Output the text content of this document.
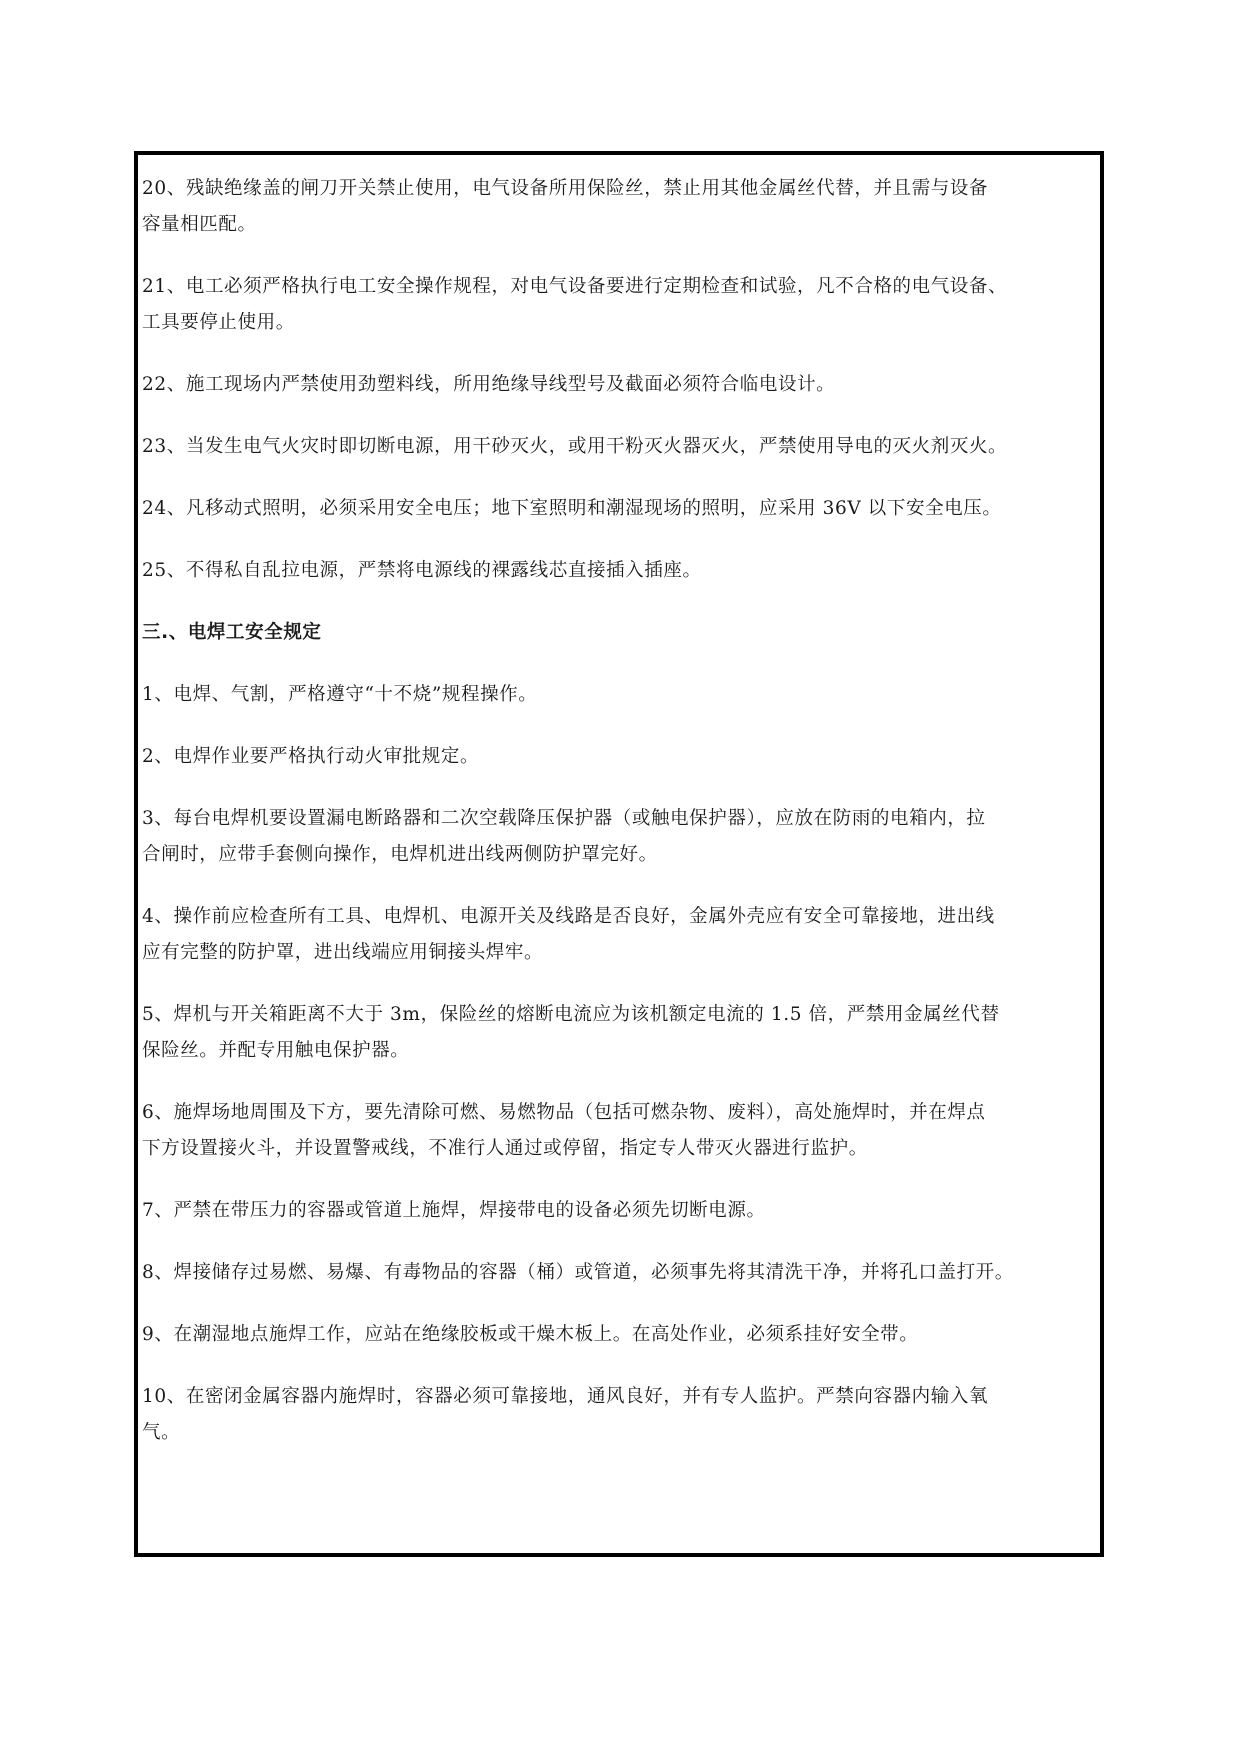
20、残缺绝缘盖的闸刀开关禁止使用，电气设备所用保险丝，禁止用其他金属丝代替，并且需与设备
容量相匹配。
21、电工必须严格执行电工安全操作规程，对电气设备要进行定期检查和试验，凡不合格的电气设备、
工具要停止使用。
22、施工现场内严禁使用劲塑料线，所用绝缘导线型号及截面必须符合临电设计。
23、当发生电气火灾时即切断电源，用干砂灭火，或用干粉灭火器灭火，严禁使用导电的灭火剂灭火。
24、凡移动式照明，必须采用安全电压；地下室照明和潮湿现场的照明，应采用 36V 以下安全电压。
25、不得私自乱拉电源，严禁将电源线的裸露线芯直接插入插座。
三.、电焊工安全规定
1、电焊、气割，严格遵守“十不烧”规程操作。
2、电焊作业要严格执行动火审批规定。
3、每台电焊机要设置漏电断路器和二次空载降压保护器（或触电保护器），应放在防雨的电箱内，拉
合闸时，应带手套侧向操作，电焊机进出线两侧防护罩完好。
4、操作前应检查所有工具、电焊机、电源开关及线路是否良好，金属外壳应有安全可靠接地，进出线
应有完整的防护罩，进出线端应用铜接头焊牢。
5、焊机与开关箱距离不大于 3m，保险丝的熔断电流应为该机额定电流的 1.5 倍，严禁用金属丝代替
保险丝。并配专用触电保护器。
6、施焊场地周围及下方，要先清除可燃、易燃物品（包括可燃杂物、废料），高处施焊时，并在焊点
下方设置接火斗，并设置警戒线，不准行人通过或停留，指定专人带灭火器进行监护。
7、严禁在带压力的容器或管道上施焊，焊接带电的设备必须先切断电源。
8、焊接储存过易燃、易爆、有毒物品的容器（桶）或管道，必须事先将其清洗干净，并将孔口盖打开。
9、在潮湿地点施焊工作，应站在绝缘胶板或干燥木板上。在高处作业，必须系挂好安全带。
10、在密闭金属容器内施焊时，容器必须可靠接地，通风良好，并有专人监护。严禁向容器内输入氧
气。
